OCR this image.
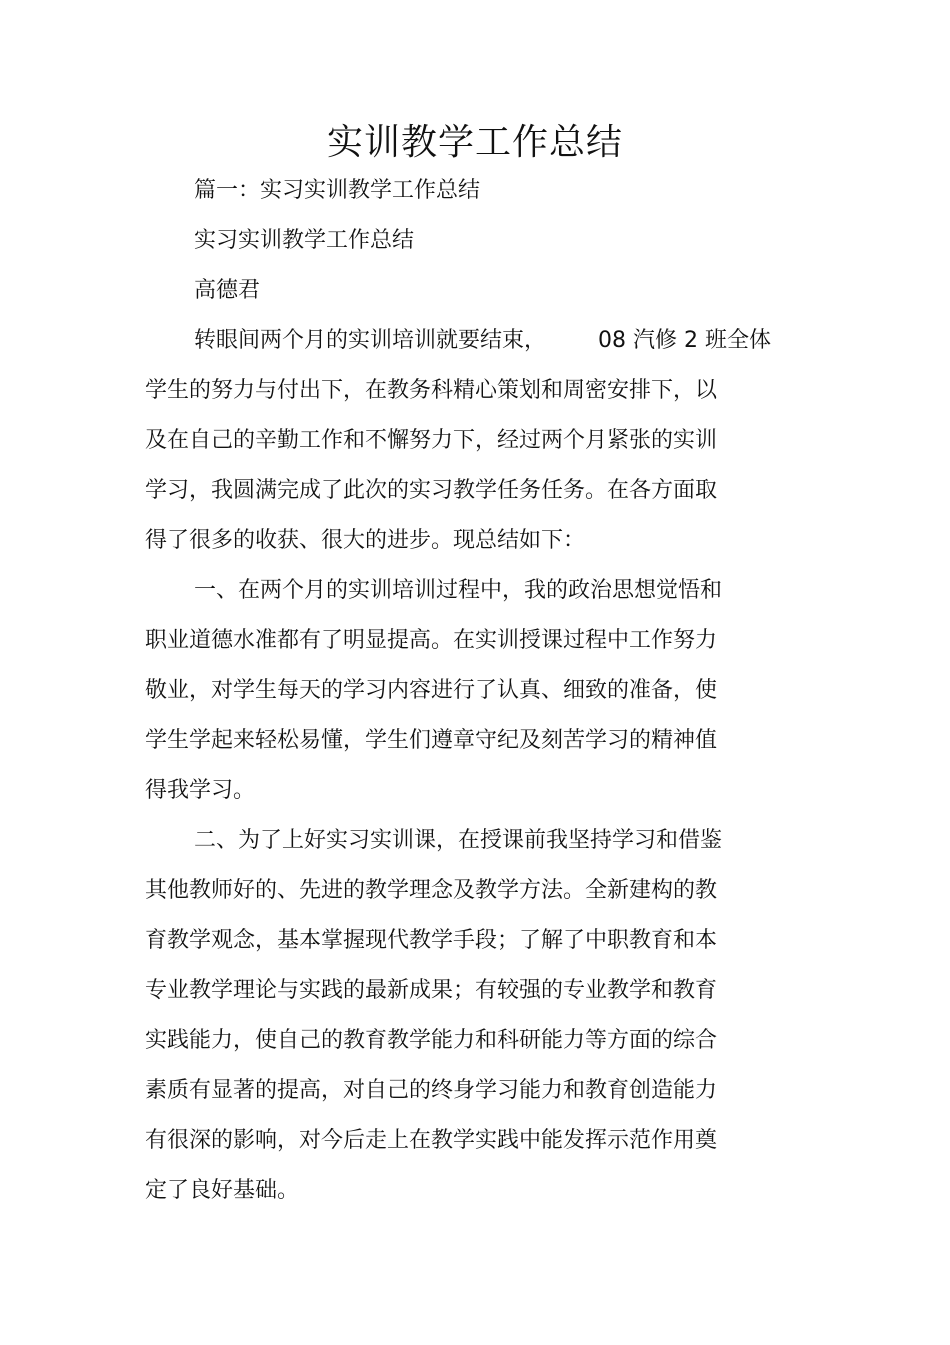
实训教学工作总结
篇一：实习实训教学工作总结
实习实训教学工作总结
高德君
转眼间两个月的实训培训就要结束， 08 汽修 2 班全体
学生的努力与付出下，在教务科精心策划和周密安排下，以
及在自己的辛勤工作和不懈努力下，经过两个月紧张的实训
学习，我圆满完成了此次的实习教学任务任务。在各方面取
得了很多的收获、很大的进步。现总结如下：
一、在两个月的实训培训过程中，我的政治思想觉悟和
职业道德水准都有了明显提高。在实训授课过程中工作努力
敬业，对学生每天的学习内容进行了认真、细致的准备，使
学生学起来轻松易懂，学生们遵章守纪及刻苦学习的精神值
得我学习。
二、为了上好实习实训课，在授课前我坚持学习和借鉴
其他教师好的、先进的教学理念及教学方法。全新建构的教
育教学观念，基本掌握现代教学手段；了解了中职教育和本
专业教学理论与实践的最新成果；有较强的专业教学和教育
实践能力，使自己的教育教学能力和科研能力等方面的综合
素质有显著的提高，对自己的终身学习能力和教育创造能力
有很深的影响，对今后走上在教学实践中能发挥示范作用奠
定了良好基础。
